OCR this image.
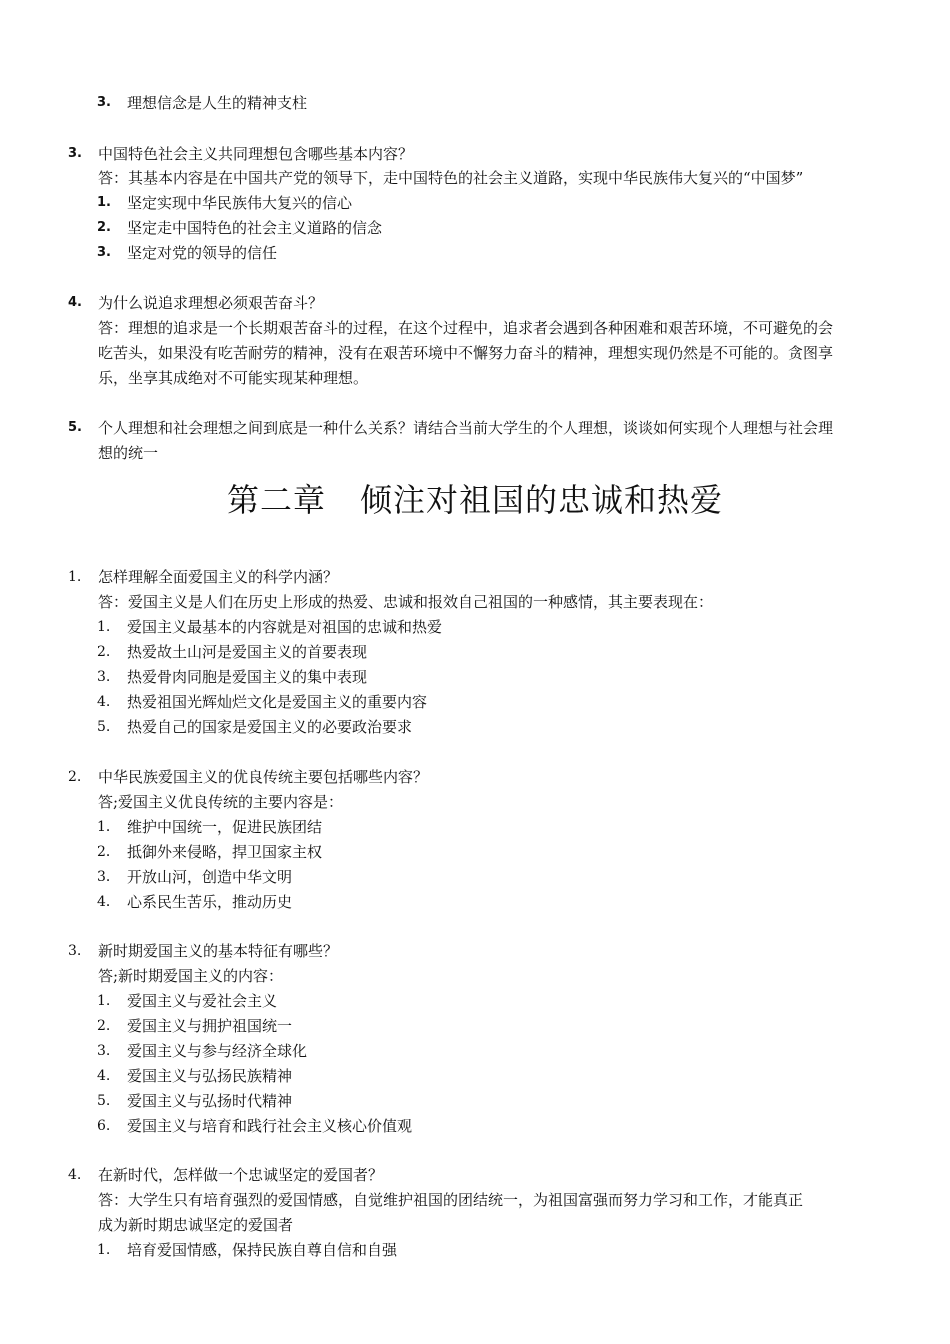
3. 理想信念是人生的精神支柱
3. 中国特色社会主义共同理想包含哪些基本内容？
答：其基本内容是在中国共产党的领导下，走中国特色的社会主义道路，实现中华民族伟大复兴的“中国梦”
1. 坚定实现中华民族伟大复兴的信心
2. 坚定走中国特色的社会主义道路的信念
3. 坚定对党的领导的信任
4. 为什么说追求理想必须艰苦奋斗？
答：理想的追求是一个长期艰苦奋斗的过程，在这个过程中，追求者会遇到各种困难和艰苦环境，不可避免的会
吃苦头，如果没有吃苦耐劳的精神，没有在艰苦环境中不懈努力奋斗的精神，理想实现仍然是不可能的。贪图享
乐，坐享其成绝对不可能实现某种理想。
5. 个人理想和社会理想之间到底是一种什么关系？请结合当前大学生的个人理想，谈谈如何实现个人理想与社会理
想的统一
第二章 倾注对祖国的忠诚和热爱
1. 怎样理解全面爱国主义的科学内涵？
答：爱国主义是人们在历史上形成的热爱、忠诚和报效自己祖国的一种感情，其主要表现在：
1. 爱国主义最基本的内容就是对祖国的忠诚和热爱
2. 热爱故土山河是爱国主义的首要表现
3. 热爱骨肉同胞是爱国主义的集中表现
4. 热爱祖国光辉灿烂文化是爱国主义的重要内容
5. 热爱自己的国家是爱国主义的必要政治要求
2. 中华民族爱国主义的优良传统主要包括哪些内容？
答;爱国主义优良传统的主要内容是：
1． 维护中国统一，促进民族团结
2． 抵御外来侵略，捍卫国家主权
3． 开放山河，创造中华文明
4． 心系民生苦乐，推动历史
3. 新时期爱国主义的基本特征有哪些？
答;新时期爱国主义的内容：
1. 爱国主义与爱社会主义
2. 爱国主义与拥护祖国统一
3. 爱国主义与参与经济全球化
4. 爱国主义与弘扬民族精神
5. 爱国主义与弘扬时代精神
6. 爱国主义与培育和践行社会主义核心价值观
4. 在新时代，怎样做一个忠诚坚定的爱国者？
答：大学生只有培育强烈的爱国情感，自觉维护祖国的团结统一，为祖国富强而努力学习和工作，才能真正
成为新时期忠诚坚定的爱国者
1. 培育爱国情感，保持民族自尊自信和自强
